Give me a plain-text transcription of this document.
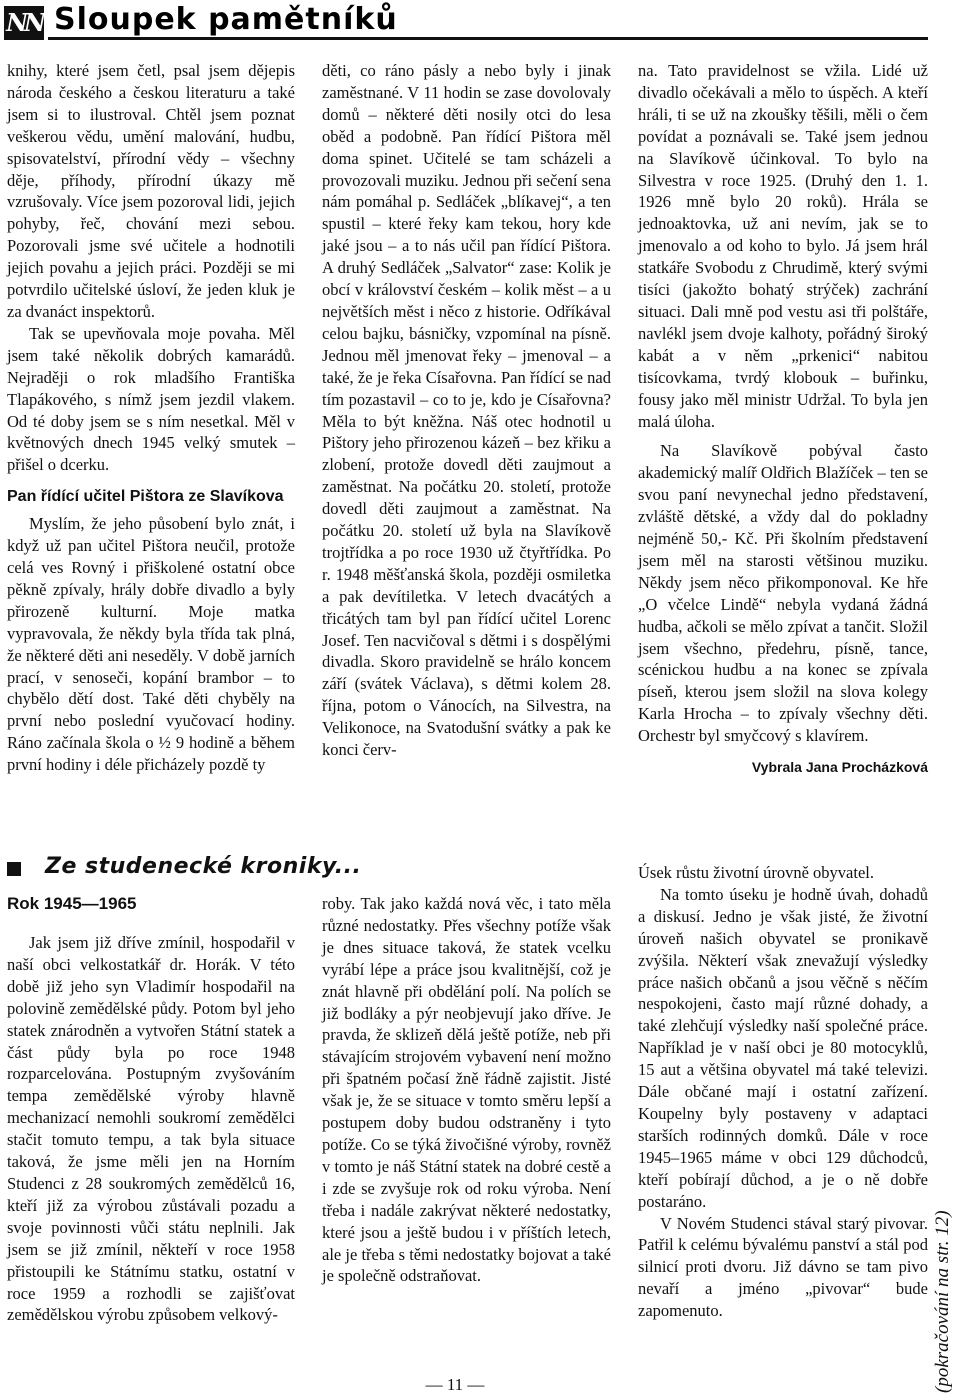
NN Sloupek pamětníků
(pokračování na str. 12)

knihy, které jsem četl, psal jsem dějepis národa českého a českou literaturu a také jsem si to ilustroval. Chtěl jsem poznat veškerou vědu, umění malování, hudbu, spisovatelství, přírodní vědy – všechny děje, příhody, přírodní úkazy mě vzrušovaly. Více jsem pozoroval lidi, jejich pohyby, řeč, chování mezi sebou. Pozorovali jsme své učitele a hodnotili jejich povahu a jejich práci. Později se mi potvrdilo učitelské úsloví, že jeden kluk je za dvanáct inspektorů.

Tak se upevňovala moje povaha. Měl jsem také několik dobrých kamarádů. Nejraději o rok mladšího Františka Tlapákového, s nímž jsem jezdil vlakem. Od té doby jsem se s ním nesetkal. Měl v květnových dnech 1945 velký smutek – přišel o dcerku.

Pan řídící učitel Pištora ze Slavíkova

Myslím, že jeho působení bylo znát, i když už pan učitel Pištora neučil, protože celá ves Rovný i přiškolené ostatní obce pěkně zpívaly, hrály dobře divadlo a byly přirozeně kulturní. Moje matka vypravovala, že někdy byla třída tak plná, že některé děti ani neseděly. V době jarních prací, v senoseči, kopání brambor – to chybělo dětí dost. Také děti chyběly na první nebo poslední vyučovací hodiny. Ráno začínala škola o ½ 9 hodině a během první hodiny i déle přicházely pozdě ty

děti, co ráno pásly a nebo byly i jinak zaměstnané. V 11 hodin se zase dovolovaly domů – některé děti nosily otci do lesa oběd a podobně. Pan řídící Pištora měl doma spinet. Učitelé se tam scházeli a provozovali muziku. Jednou při sečení sena nám pomáhal p. Sedláček „blíkavej“, a ten spustil – které řeky kam tekou, hory kde jaké jsou – a to nás učil pan řídící Pištora. A druhý Sedláček „Salvator“ zase: Kolik je obcí v království českém – kolik měst – a u největších měst i něco z historie. Odříkával celou bajku, básničky, vzpomínal na písně. Jednou měl jmenovat řeky – jmenoval – a také, že je řeka Císařovna. Pan řídící se nad tím pozastavil – co to je, kdo je Císařovna? Měla to být kněžna. Náš otec hodnotil u Pištory jeho přirozenou kázeň – bez křiku a zlobení, protože dovedl děti zaujmout a zaměstnat. Na počátku 20. století, protože dovedl děti zaujmout a zaměstnat. Na počátku 20. století už byla na Slavíkově trojtřídka a po roce 1930 už čtyřtřídka. Po r. 1948 měšťanská škola, později osmiletka a pak devítiletka. V letech dvacátých a třicátých tam byl pan řídící učitel Lorenc Josef. Ten nacvičoval s dětmi i s dospělými divadla. Skoro pravidelně se hrálo koncem září (svátek Václava), s dětmi kolem 28. října, potom o Vánocích, na Silvestra, na Velikonoce, na Svatodušní svátky a pak ke konci červ-

na. Tato pravidelnost se vžila. Lidé už divadlo očekávali a mělo to úspěch. A kteří hráli, ti se už na zkoušky těšili, měli o čem povídat a poznávali se. Také jsem jednou na Slavíkově účinkoval. To bylo na Silvestra v roce 1925. (Druhý den 1. 1. 1926 mně bylo 20 roků). Hrála se jednoaktovka, už ani nevím, jak se to jmenovalo a od koho to bylo. Já jsem hrál statkáře Svobodu z Chrudimě, který svými tisíci (jakožto bohatý strýček) zachrání situaci. Dali mně pod vestu asi tři polštáře, navlékl jsem dvoje kalhoty, pořádný široký kabát a v něm „prkenici“ nabitou tisícovkama, tvrdý klobouk – buřinku, fousy jako měl ministr Udržal. To byla jen malá úloha.

Na Slavíkově pobýval často akademický malíř Oldřich Blažíček – ten se svou paní nevynechal jedno představení, zvláště dětské, a vždy dal do pokladny nejméně 50,- Kč. Při školním představení jsem měl na starosti většinou muziku. Někdy jsem něco přikomponoval. Ke hře „O včelce Lindě“ nebyla vydaná žádná hudba, ačkoli se mělo zpívat a tančit. Složil jsem všechno, předehru, písně, tance, scénickou hudbu a na konec se zpívala píseň, kterou jsem složil na slova kolegy Karla Hrocha – to zpívaly všechny děti. Orchestr byl smyčcový s klavírem.

Vybrala Jana Procházková
Ze studenecké kroniky...
Rok 1945—1965

Jak jsem již dříve zmínil, hospodařil v naší obci velkostatkář dr. Horák. V této době již jeho syn Vladimír hospodařil na polovině zemědělské půdy. Potom byl jeho statek znárodněn a vytvořen Státní statek a část půdy byla po roce 1948 rozparcelována. Postupným zvyšováním tempa zemědělské výroby hlavně mechanizací nemohli soukromí zemědělci stačit tomuto tempu, a tak byla situace taková, že jsme měli jen na Horním Studenci z 28 soukromých zemědělců 16, kteří již za výrobou zůstávali pozadu a svoje povinnosti vůči státu neplnili. Jak jsem se již zmínil, někteří v roce 1958 přistoupili ke Státnímu statku, ostatní v roce 1959 a rozhodli se zajišťovat zemědělskou výrobu způsobem velkový-

roby. Tak jako každá nová věc, i tato měla různé nedostatky. Přes všechny potíže však je dnes situace taková, že statek vcelku vyrábí lépe a práce jsou kvalitnější, což je znát hlavně při obdělání polí. Na polích se již bodláky a pýr neobjevují jako dříve. Je pravda, že sklizeň dělá ještě potíže, neb při stávajícím strojovém vybavení není možno při špatném počasí žně řádně zajistit. Jisté však je, že se situace v tomto směru lepší a postupem doby budou odstraněny i tyto potíže. Co se týká živočišné výroby, rovněž v tomto je náš Státní statek na dobré cestě a i zde se zvyšuje rok od roku výroba. Není třeba i nadále zakrývat některé nedostatky, které jsou a ještě budou i v příštích letech, ale je třeba s těmi nedostatky bojovat a také je společně odstraňovat.

Úsek růstu životní úrovně obyvatel.

Na tomto úseku je hodně úvah, dohadů a diskusí. Jedno je však jisté, že životní úroveň našich obyvatel se pronikavě zvýšila. Některí však znevažují výsledky práce našich občanů a jsou věčně s něčím nespokojeni, často mají různé dohady, a také zlehčují výsledky naší společné práce. Například je v naší obci je 80 motocyklů, 15 aut a většina obyvatel má také televizi. Dále občané mají i ostatní zařízení. Koupelny byly postaveny v adaptaci starších rodinných domků. Dále v roce 1945–1965 máme v obci 129 důchodců, kteří pobírají důchod, a je o ně dobře postaráno.

V Novém Studenci stával starý pivovar. Patřil k celému bývalému panství a stál pod silnicí proti dvoru. Již dávno se tam pivo nevaří a jméno „pivovar“ bude zapomenuto.

— 11 —
